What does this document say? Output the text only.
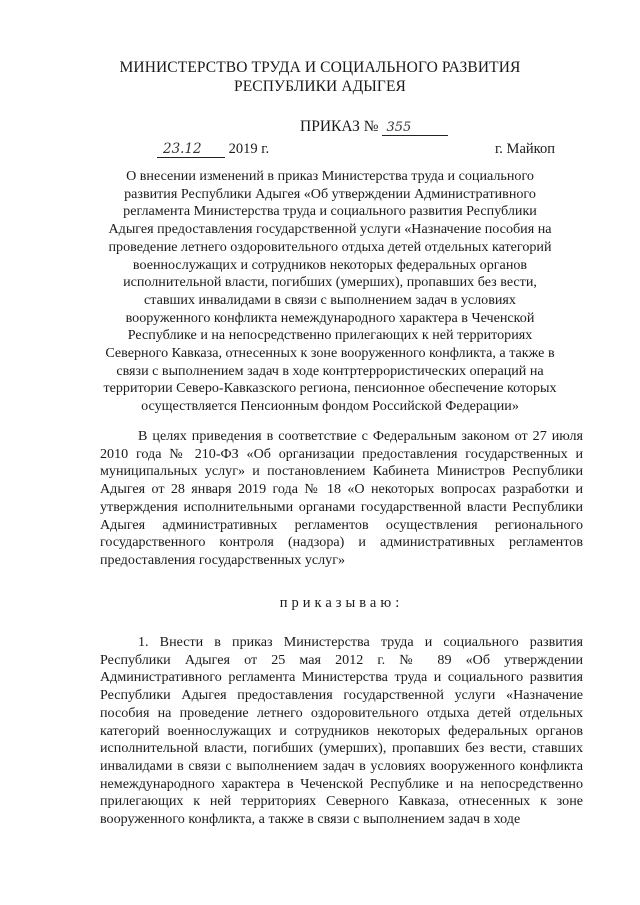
МИНИСТЕРСТВО ТРУДА И СОЦИАЛЬНОГО РАЗВИТИЯ
РЕСПУБЛИКИ АДЫГЕЯ
ПРИКАЗ № 355
23.12 2019 г.	г. Майкоп
О внесении изменений в приказ Министерства труда и социального развития Республики Адыгея «Об утверждении Административного регламента Министерства труда и социального развития Республики Адыгея предоставления государственной услуги «Назначение пособия на проведение летнего оздоровительного отдыха детей отдельных категорий военнослужащих и сотрудников некоторых федеральных органов исполнительной власти, погибших (умерших), пропавших без вести, ставших инвалидами в связи с выполнением задач в условиях вооруженного конфликта немеждународного характера в Чеченской Республике и на непосредственно прилегающих к ней территориях Северного Кавказа, отнесенных к зоне вооруженного конфликта, а также в связи с выполнением задач в ходе контртеррористических операций на территории Северо-Кавказского региона, пенсионное обеспечение которых осуществляется Пенсионным фондом Российской Федерации»
В целях приведения в соответствие с Федеральным законом от 27 июля 2010 года № 210-ФЗ «Об организации предоставления государственных и муниципальных услуг» и постановлением Кабинета Министров Республики Адыгея от 28 января 2019 года № 18 «О некоторых вопросах разработки и утверждения исполнительными органами государственной власти Республики Адыгея административных регламентов осуществления регионального государственного контроля (надзора) и административных регламентов предоставления государственных услуг»
приказываю:
1. Внести в приказ Министерства труда и социального развития Республики Адыгея от 25 мая 2012 г. № 89 «Об утверждении Административного регламента Министерства труда и социального развития Республики Адыгея предоставления государственной услуги «Назначение пособия на проведение летнего оздоровительного отдыха детей отдельных категорий военнослужащих и сотрудников некоторых федеральных органов исполнительной власти, погибших (умерших), пропавших без вести, ставших инвалидами в связи с выполнением задач в условиях вооруженного конфликта немеждународного характера в Чеченской Республике и на непосредственно прилегающих к ней территориях Северного Кавказа, отнесенных к зоне вооруженного конфликта, а также в связи с выполнением задач в ходе
